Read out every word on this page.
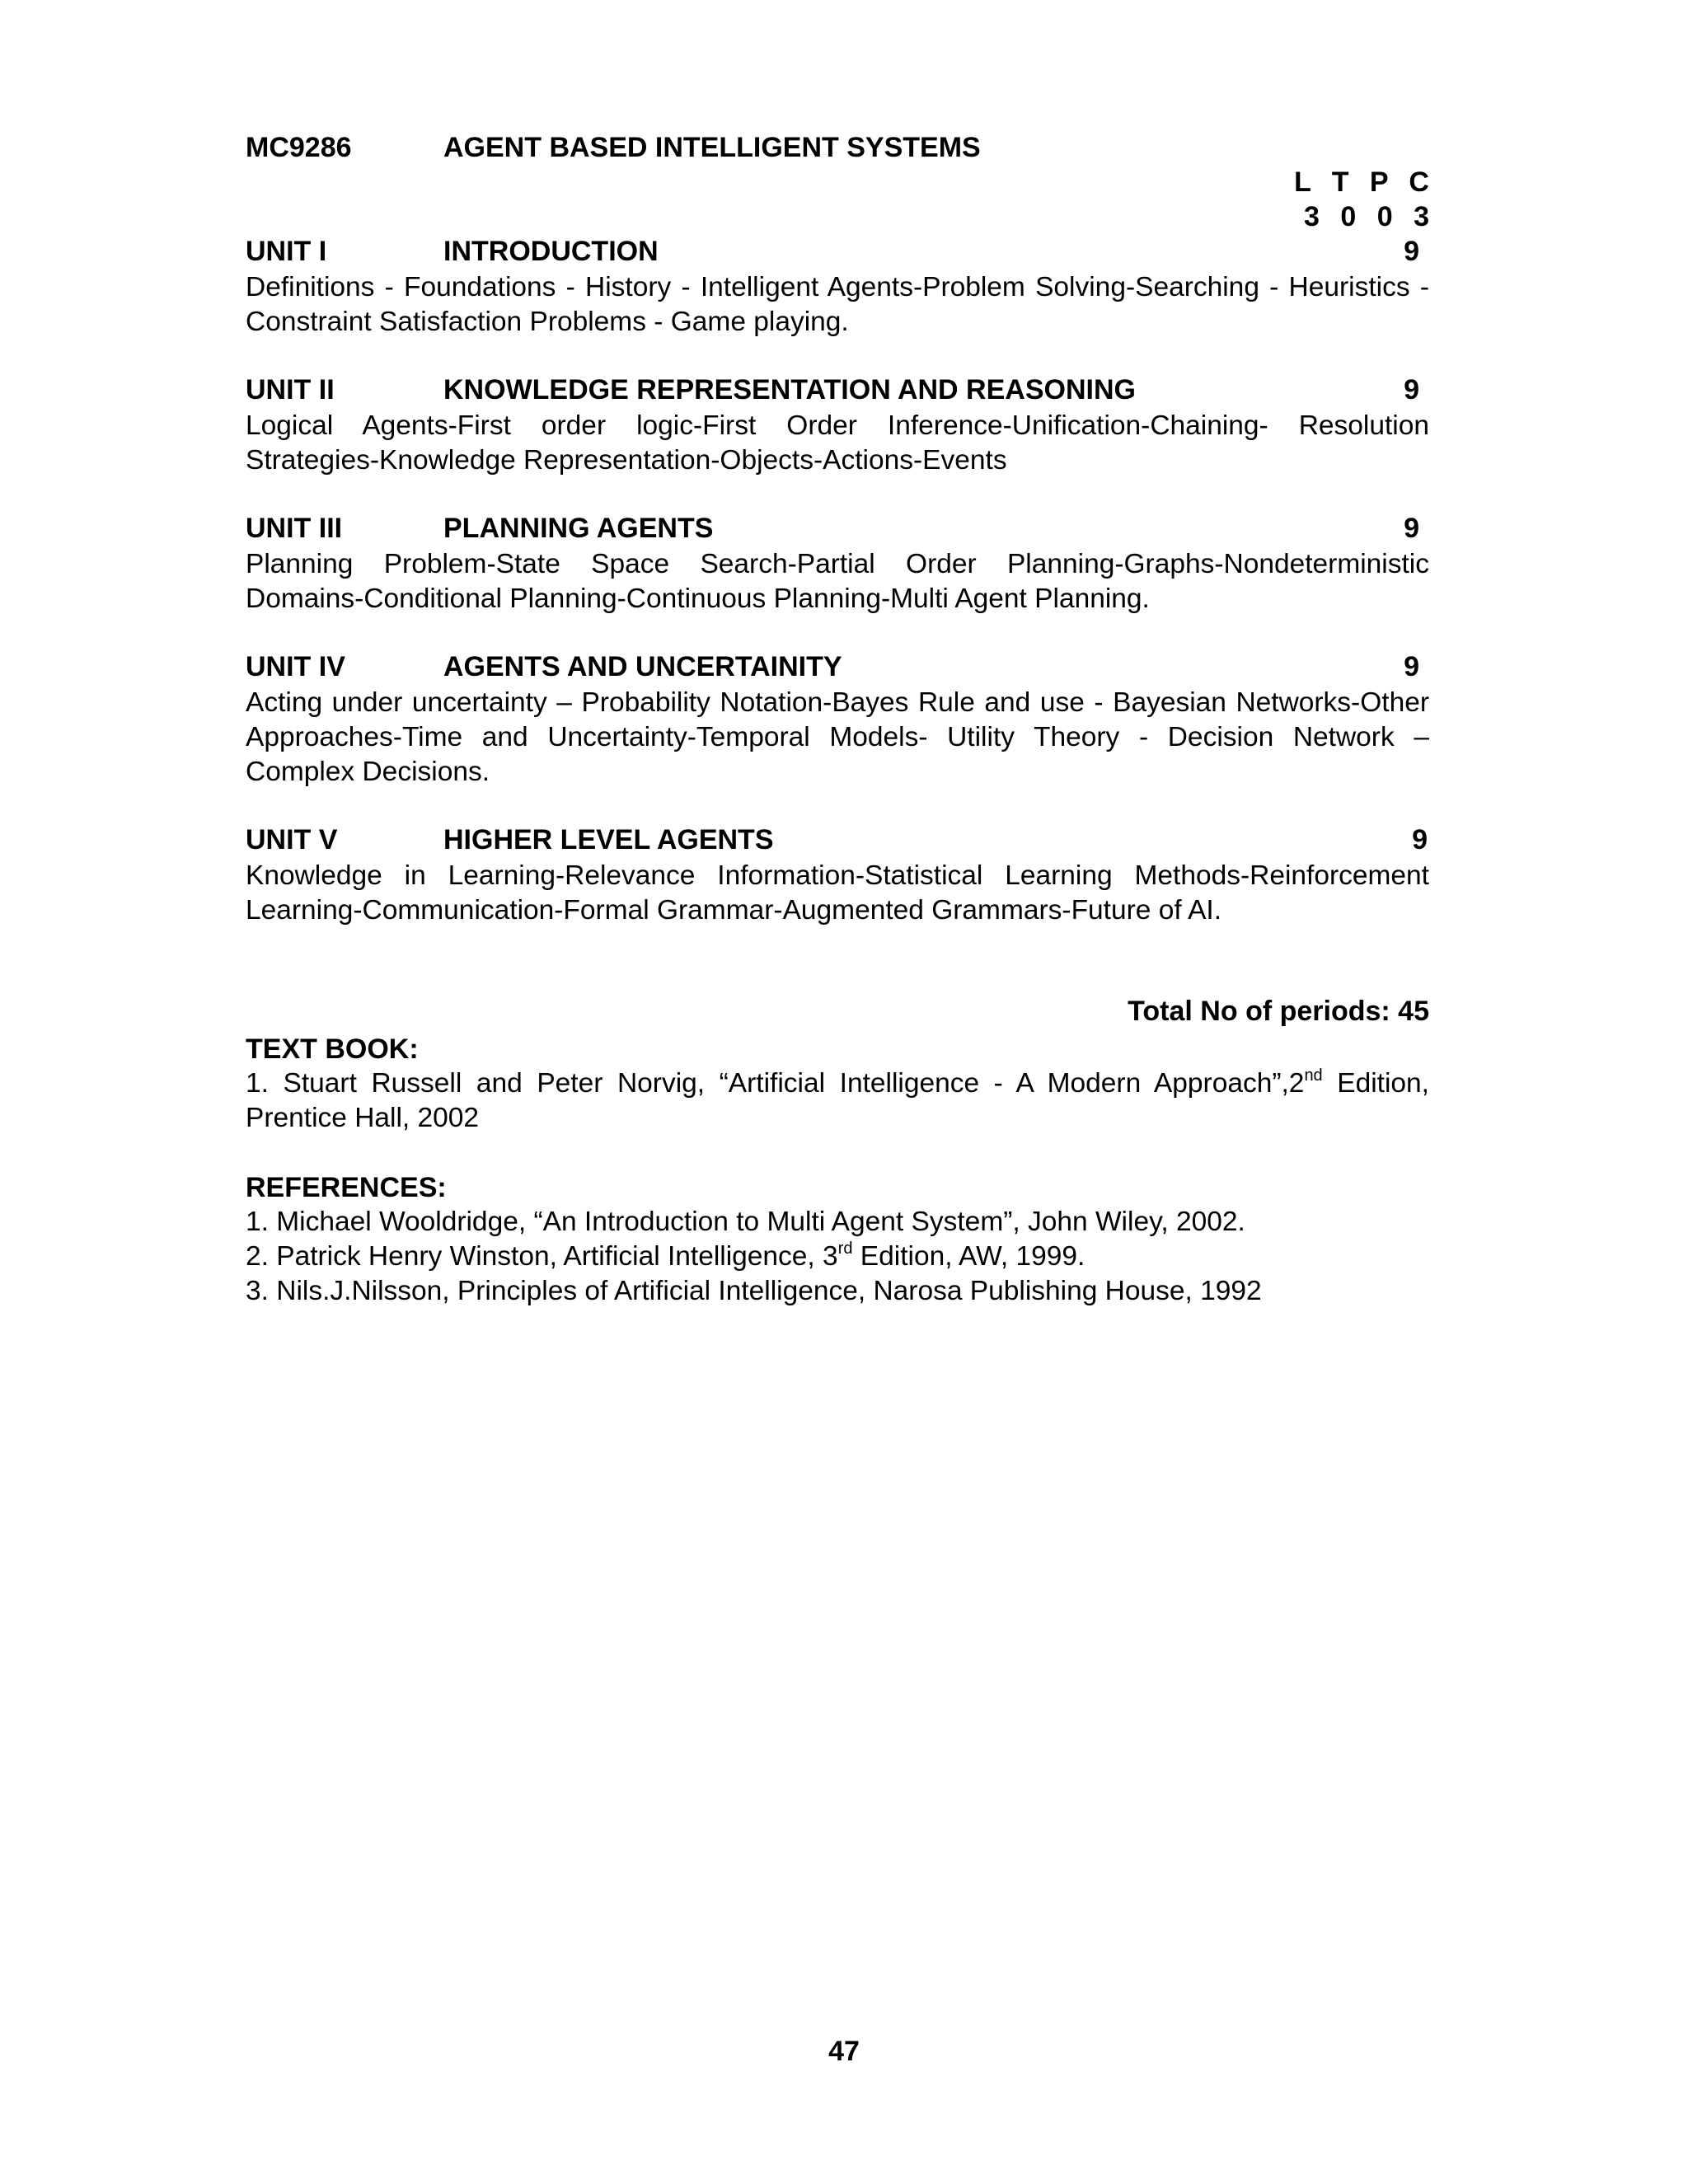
MC9286	AGENT BASED INTELLIGENT SYSTEMS
L T P C
3 0 0 3
UNIT I	INTRODUCTION	9
Definitions - Foundations - History - Intelligent Agents-Problem Solving-Searching - Heuristics -Constraint Satisfaction Problems - Game playing.
UNIT II	KNOWLEDGE REPRESENTATION AND REASONING	9
Logical Agents-First order logic-First Order Inference-Unification-Chaining- Resolution Strategies-Knowledge Representation-Objects-Actions-Events
UNIT III	PLANNING AGENTS	9
Planning Problem-State Space Search-Partial Order Planning-Graphs-Nondeterministic Domains-Conditional Planning-Continuous Planning-Multi Agent Planning.
UNIT IV	AGENTS AND UNCERTAINITY	9
Acting under uncertainty – Probability Notation-Bayes Rule and use - Bayesian Networks-Other Approaches-Time and Uncertainty-Temporal Models- Utility Theory - Decision Network – Complex Decisions.
UNIT V	HIGHER LEVEL AGENTS	9
Knowledge in Learning-Relevance Information-Statistical Learning Methods-Reinforcement Learning-Communication-Formal Grammar-Augmented Grammars-Future of AI.
Total No of periods: 45
TEXT BOOK:
1. Stuart Russell and Peter Norvig, “Artificial Intelligence - A Modern Approach”,2nd Edition, Prentice Hall, 2002
REFERENCES:
1. Michael Wooldridge, “An Introduction to Multi Agent System”, John Wiley, 2002.
2. Patrick Henry Winston, Artificial Intelligence, 3rd Edition, AW, 1999.
3. Nils.J.Nilsson, Principles of Artificial Intelligence, Narosa Publishing House, 1992
47
